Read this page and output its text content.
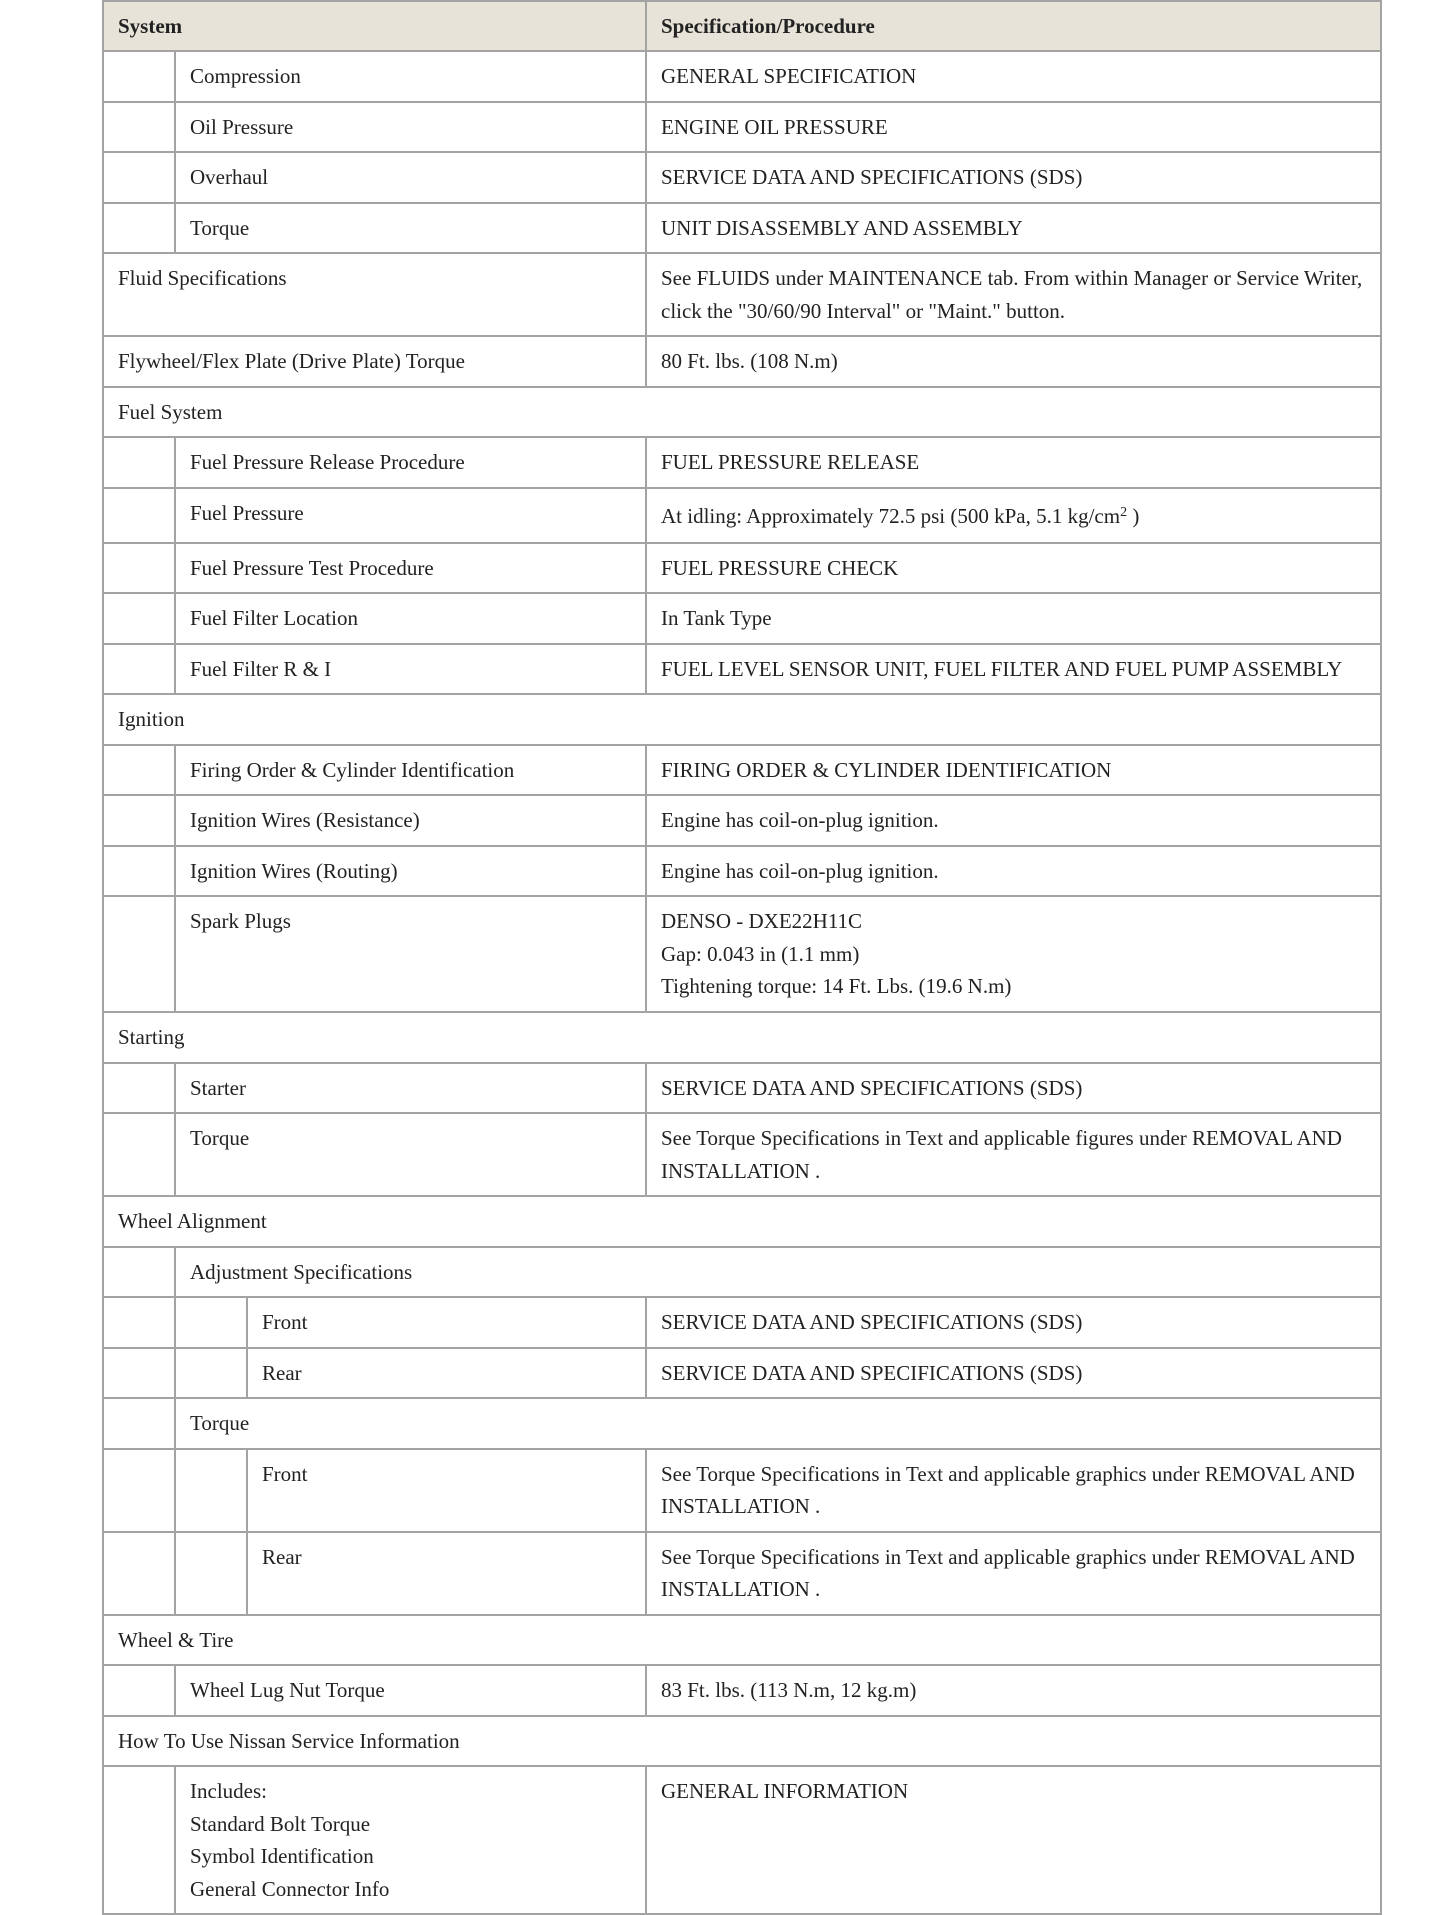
System			Specification/Procedure
	Compression		GENERAL SPECIFICATION
	Oil Pressure		ENGINE OIL PRESSURE
	Overhaul		SERVICE DATA AND SPECIFICATIONS (SDS)
	Torque		UNIT DISASSEMBLY AND ASSEMBLY
Fluid Specifications			See FLUIDS under MAINTENANCE tab. From within Manager or Service Writer, click the "30/60/90 Interval" or "Maint." button.
Flywheel/Flex Plate (Drive Plate) Torque			80 Ft. lbs. (108 N.m)
Fuel System			
	Fuel Pressure Release Procedure		FUEL PRESSURE RELEASE
	Fuel Pressure		At idling: Approximately 72.5 psi (500 kPa, 5.1 $kg/cm^2$ )
	Fuel Pressure Test Procedure		FUEL PRESSURE CHECK
	Fuel Filter Location		In Tank Type
	Fuel Filter R & I		FUEL LEVEL SENSOR UNIT, FUEL FILTER AND FUEL PUMP ASSEMBLY
Ignition			
	Firing Order & Cylinder Identification		FIRING ORDER & CYLINDER IDENTIFICATION
	Ignition Wires (Resistance)		Engine has coil-on-plug ignition.
	Ignition Wires (Routing)		Engine has coil-on-plug ignition.
	Spark Plugs		DENSO - DXE22H11C
Gap: 0.043 in (1.1 mm)
Tightening torque: 14 Ft. Lbs. (19.6 N.m)

Starting			
	Starter		SERVICE DATA AND SPECIFICATIONS (SDS)
	Torque		See Torque Specifications in Text and applicable figures under REMOVAL AND INSTALLATION .
Wheel Alignment			
	Adjustment Specifications		
		Front	SERVICE DATA AND SPECIFICATIONS (SDS)
		Rear	SERVICE DATA AND SPECIFICATIONS (SDS)
	Torque		
		Front	See Torque Specifications in Text and applicable graphics under REMOVAL AND INSTALLATION .
		Rear	See Torque Specifications in Text and applicable graphics under REMOVAL AND INSTALLATION .
Wheel & Tire			
	Wheel Lug Nut Torque		83 Ft. lbs. (113 N.m, 12 kg.m)
How To Use Nissan Service Information			

	Includes:
Standard Bolt Torque
Symbol Identification
General Connector Info		GENERAL INFORMATION
